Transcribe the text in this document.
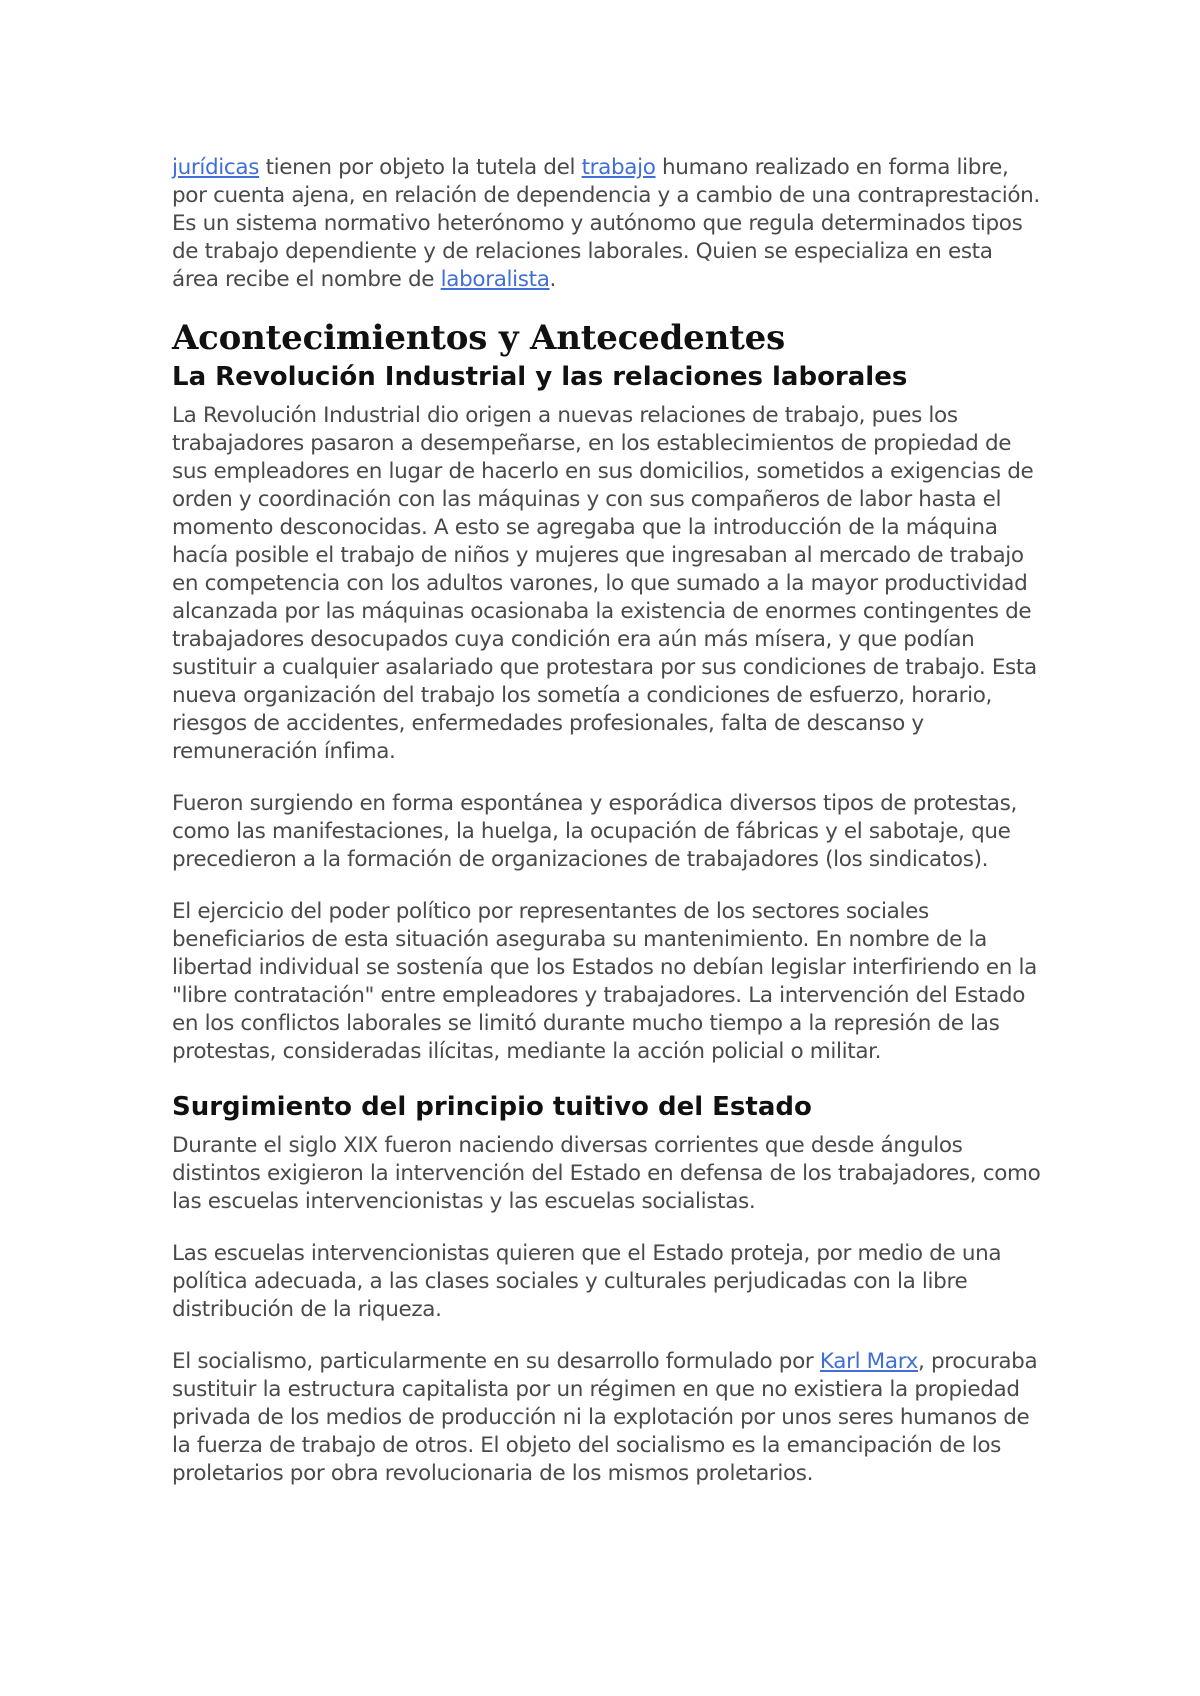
jurídicas tienen por objeto la tutela del trabajo humano realizado en forma libre, por cuenta ajena, en relación de dependencia y a cambio de una contraprestación. Es un sistema normativo heterónomo y autónomo que regula determinados tipos de trabajo dependiente y de relaciones laborales. Quien se especializa en esta área recibe el nombre de laboralista.

Acontecimientos y Antecedentes
La Revolución Industrial y las relaciones laborales

La Revolución Industrial dio origen a nuevas relaciones de trabajo, pues los trabajadores pasaron a desempeñarse, en los establecimientos de propiedad de sus empleadores en lugar de hacerlo en sus domicilios, sometidos a exigencias de orden y coordinación con las máquinas y con sus compañeros de labor hasta el momento desconocidas. A esto se agregaba que la introducción de la máquina hacía posible el trabajo de niños y mujeres que ingresaban al mercado de trabajo en competencia con los adultos varones, lo que sumado a la mayor productividad alcanzada por las máquinas ocasionaba la existencia de enormes contingentes de trabajadores desocupados cuya condición era aún más mísera, y que podían sustituir a cualquier asalariado que protestara por sus condiciones de trabajo. Esta nueva organización del trabajo los sometía a condiciones de esfuerzo, horario, riesgos de accidentes, enfermedades profesionales, falta de descanso y remuneración ínfima.

Fueron surgiendo en forma espontánea y esporádica diversos tipos de protestas, como las manifestaciones, la huelga, la ocupación de fábricas y el sabotaje, que precedieron a la formación de organizaciones de trabajadores (los sindicatos).

El ejercicio del poder político por representantes de los sectores sociales beneficiarios de esta situación aseguraba su mantenimiento. En nombre de la libertad individual se sostenía que los Estados no debían legislar interfiriendo en la "libre contratación" entre empleadores y trabajadores. La intervención del Estado en los conflictos laborales se limitó durante mucho tiempo a la represión de las protestas, consideradas ilícitas, mediante la acción policial o militar.

Surgimiento del principio tuitivo del Estado

Durante el siglo XIX fueron naciendo diversas corrientes que desde ángulos distintos exigieron la intervención del Estado en defensa de los trabajadores, como las escuelas intervencionistas y las escuelas socialistas.

Las escuelas intervencionistas quieren que el Estado proteja, por medio de una política adecuada, a las clases sociales y culturales perjudicadas con la libre distribución de la riqueza.

El socialismo, particularmente en su desarrollo formulado por Karl Marx, procuraba sustituir la estructura capitalista por un régimen en que no existiera la propiedad privada de los medios de producción ni la explotación por unos seres humanos de la fuerza de trabajo de otros. El objeto del socialismo es la emancipación de los proletarios por obra revolucionaria de los mismos proletarios.
